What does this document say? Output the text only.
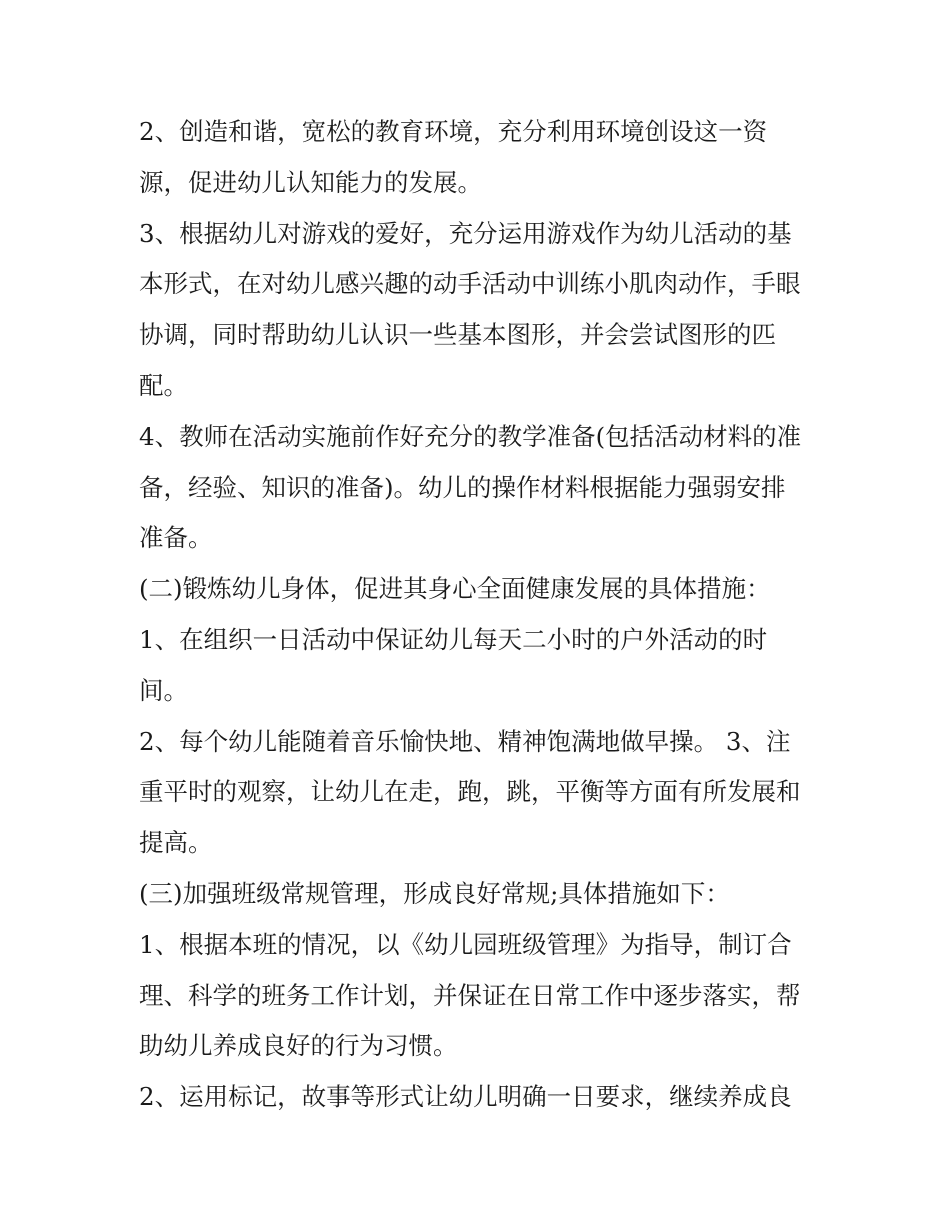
2、创造和谐，宽松的教育环境，充分利用环境创设这一资
源，促进幼儿认知能力的发展。
3、根据幼儿对游戏的爱好，充分运用游戏作为幼儿活动的基
本形式，在对幼儿感兴趣的动手活动中训练小肌肉动作，手眼
协调，同时帮助幼儿认识一些基本图形，并会尝试图形的匹
配。
4、教师在活动实施前作好充分的教学准备(包括活动材料的准
备，经验、知识的准备)。幼儿的操作材料根据能力强弱安排
准备。
(二)锻炼幼儿身体，促进其身心全面健康发展的具体措施：
1、在组织一日活动中保证幼儿每天二小时的户外活动的时
间。
2、每个幼儿能随着音乐愉快地、精神饱满地做早操。 3、注
重平时的观察，让幼儿在走，跑，跳，平衡等方面有所发展和
提高。
(三)加强班级常规管理，形成良好常规;具体措施如下：
1、根据本班的情况，以《幼儿园班级管理》为指导，制订合
理、科学的班务工作计划，并保证在日常工作中逐步落实，帮
助幼儿养成良好的行为习惯。
2、运用标记，故事等形式让幼儿明确一日要求，继续养成良
